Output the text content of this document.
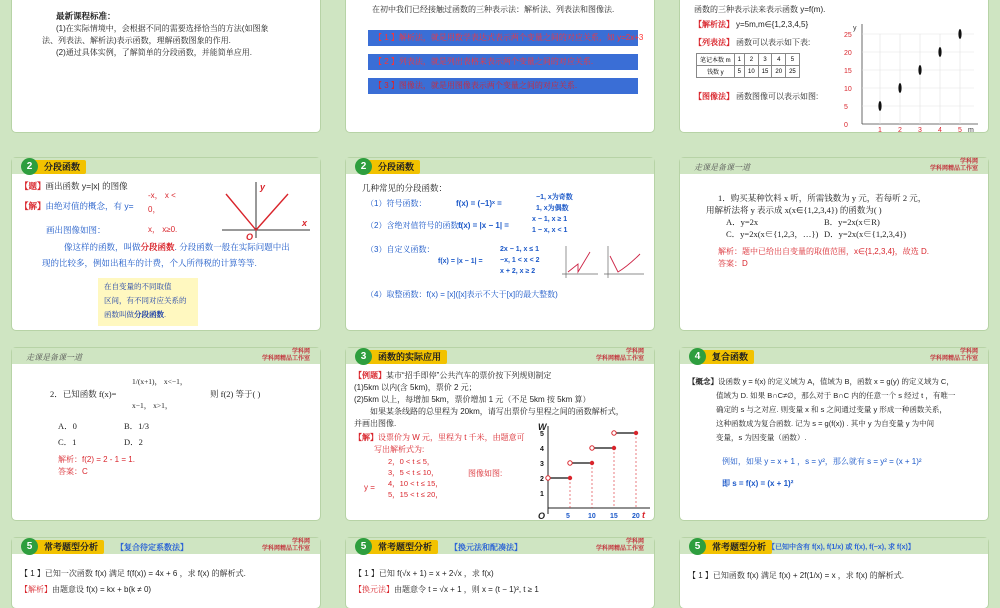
最新课程标准：
(1)在实际情境中，会根据不同的需要选择恰当的方法(如图象
法、列表法、解析法)表示函数，理解函数图象的作用.
(2)通过具体实例，了解简单的分段函数，并能简单应用.
在初中我们已经接触过函数的三种表示法：解析法、列表法和图像法.
【 1 】解析法，就是用数学表达式表示两个变量之间的对应关系，如 y=2x+3
【 2 】列表法，就是列出表格来表示两个变量之间的对应关系.
【 3 】图像法，就是用图像表示两个变量之间的对应关系.
函数的三种表示法来表示函数 y=f(m).
【解析法】 y=5m,m∈{1,2,3,4,5}
【列表法】 函数可以表示如下表:
笔记本数 m	1	2	3	4	5
钱数 y	5	10	15	20	25
【图像法】 函数图像可以表示如图:
25
20
15
10
5
0
1 2 3 4 5
y
m
2	分段函数
【题】画出函数 y=|x| 的图像
【解】由绝对值的概念，有 y=
-x， x <
0，
x， x≥0.
画出图像如图：
像这样的函数，叫做分段函数. 分段函数一般在实际问题中出
现的比较多，例如出租车的计费，个人所得税的计算等等.
在自变量的不同取值
区间，有不同对应关系的
函数叫做分段函数.
y
x
O
2	分段函数
几种常见的分段函数：
（1）符号函数：	f(x) = (−1)ˣ =
−1, x为奇数
1, x为偶数
（2）含绝对值符号的函数：
f(x) = |x − 1| =
x − 1, x ≥ 1
1 − x, x < 1
（3）自定义函数：
f(x) = |x − 1| =
2x − 1, x ≤ 1
−x, 1 < x < 2
x + 2, x ≥ 2
（4）取整函数：f(x) = [x]([x]表示不大于[x]的最大整数)
走课是备课一道
学科网
学科网精品工作室
1．购买某种饮料 x 听，所需钱数为 y 元，若每听 2 元，
用解析法将 y 表示成 x(x∈{1,2,3,4}) 的函数为( )
A．y=2x	B．y=2x(x∈R)
C．y=2x(x∈{1,2,3，…}) D．y=2x(x∈{1,2,3,4})
解析：题中已给出自变量的取值范围，x∈{1,2,3,4}，故选 D.
答案：D
走课是备课一道
学科网
学科网精品工作室
2．已知函数 f(x)=
1/(x+1)， x<−1，
x−1， x>1，
则 f(2) 等于( )
A．0	B．1/3
C．1	D．2
解析：f(2) = 2 - 1 = 1.
答案：C
3	函数的实际应用	学科网
学科网精品工作室
【例题】某市“招手即停”公共汽车的票价按下列规则制定
(1)5km 以内(含 5km)，票价 2 元；
(2)5km 以上，每增加 5km，票价增加 1 元（不足 5km 按 5km 算）
如果某条线路的总里程为 20km，请写出票价与里程之间的函数解析式，
并画出图像.
【解】设票价为 W 元，里程为 t 千米，由题意可
写出解析式为:
y =
2，0 < t ≤ 5，
3，5 < t ≤ 10，
4，10 < t ≤ 15，
5，15 < t ≤ 20，
图像如图:
5	10 15 20
5
4
3
2
1
W
t
O
4	复合函数	学科网
学科网精品工作室
【概念】设函数 y = f(x) 的定义域为 A，值域为 B，函数 x = g(y) 的定义域为 C，
值域为 D. 如果 B∩C≠∅，那么对于 B∩C 内的任意一个 s 经过 t ，有唯一
确定的 s 与之对应. 则变量 x 和 s 之间通过变量 y 形成一种函数关系，
这种函数成为复合函数. 记为 s = g(f(x)) . 其中 y 为自变量 y 为中间
变量，s 为因变量（函数）.
例如，如果 y = x + 1 ，s = y²，那么就有 s = y² = (x + 1)²
即 s = f(x) = (x + 1)²
5	常考题型分析	【复合待定系数法】
学科网
学科网精品工作室
【 1 】已知一次函数 f(x) 满足 f(f(x)) = 4x + 6 ，求 f(x) 的解析式.
【解析】由题意设 f(x) = kx + b(k ≠ 0)
5	常考题型分析	【换元法和配凑法】
学科网
学科网精品工作室
【 1 】已知 f(√x + 1) = x + 2√x ，求 f(x)
【换元法】由题意令 t = √x + 1 ，则 x = (t − 1)², t ≥ 1
5	常考题型分析 【已知中含有 f(x), f(1/x) 或 f(x), f(−x), 求 f(x)】
【 1 】已知函数 f(x) 满足 f(x) + 2f(1/x) = x ，求 f(x) 的解析式.
